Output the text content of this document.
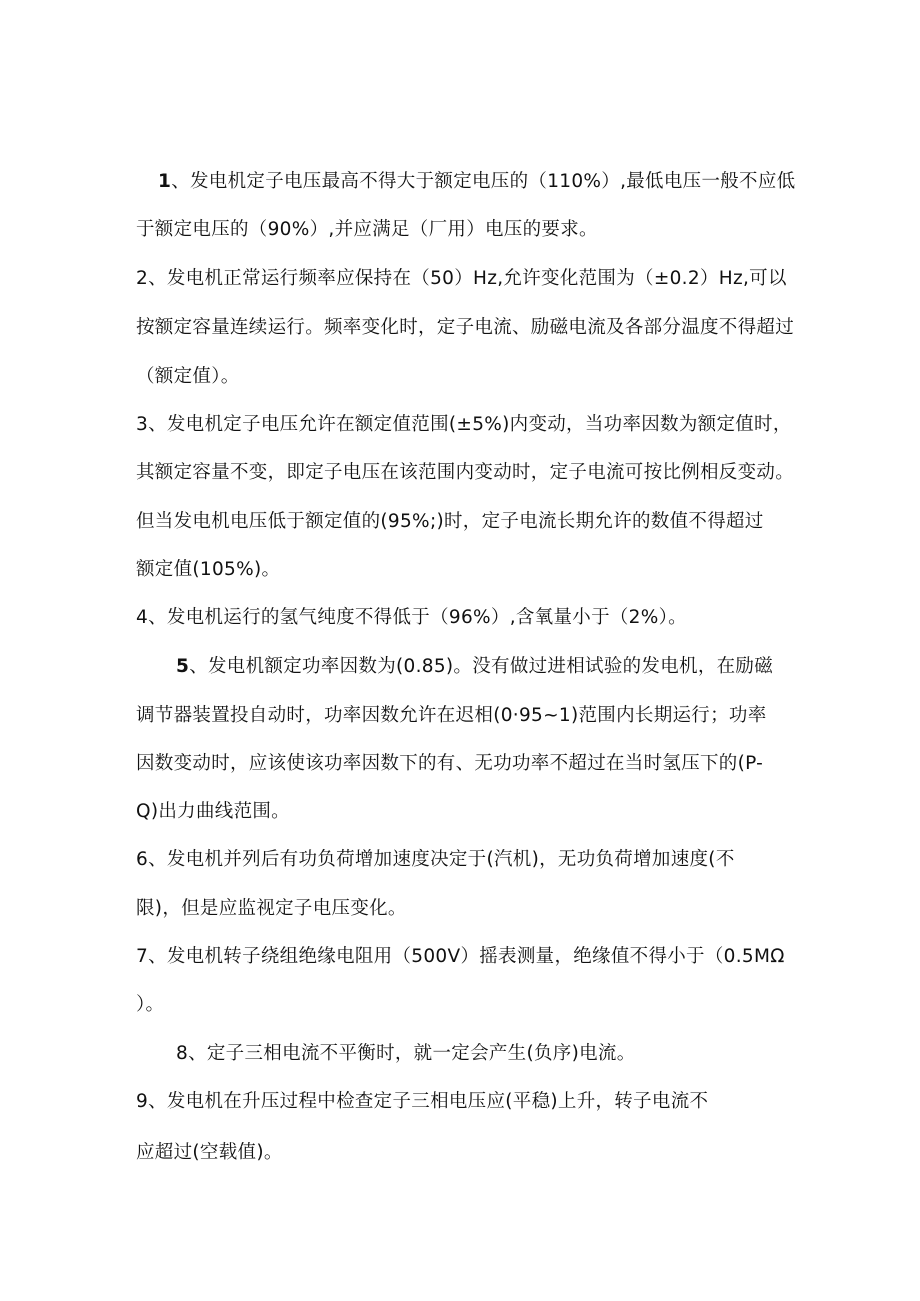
1、发电机定子电压最高不得大于额定电压的（110%）,最低电压一般不应低
于额定电压的（90%）,并应满足（厂用）电压的要求。
2、发电机正常运行频率应保持在（50）Hz,允许变化范围为（±0.2）Hz,可以
按额定容量连续运行。频率变化时，定子电流、励磁电流及各部分温度不得超过
（额定值）。
3、发电机定子电压允许在额定值范围(±5%)内变动，当功率因数为额定值时，
其额定容量不变，即定子电压在该范围内变动时，定子电流可按比例相反变动。
但当发电机电压低于额定值的(95%;)时，定子电流长期允许的数值不得超过
额定值(105%)。
4、发电机运行的氢气纯度不得低于（96%）,含氧量小于（2%）。
5、发电机额定功率因数为(0.85)。没有做过进相试验的发电机，在励磁
调节器装置投自动时，功率因数允许在迟相(0·95~1)范围内长期运行；功率
因数变动时，应该使该功率因数下的有、无功功率不超过在当时氢压下的(P-
Q)出力曲线范围。
6、发电机并列后有功负荷增加速度决定于(汽机)，无功负荷增加速度(不
限)，但是应监视定子电压变化。
7、发电机转子绕组绝缘电阻用（500V）摇表测量，绝缘值不得小于（0.5MΩ
）。
8、定子三相电流不平衡时，就一定会产生(负序)电流。
9、发电机在升压过程中检查定子三相电压应(平稳)上升，转子电流不
应超过(空载值)。
